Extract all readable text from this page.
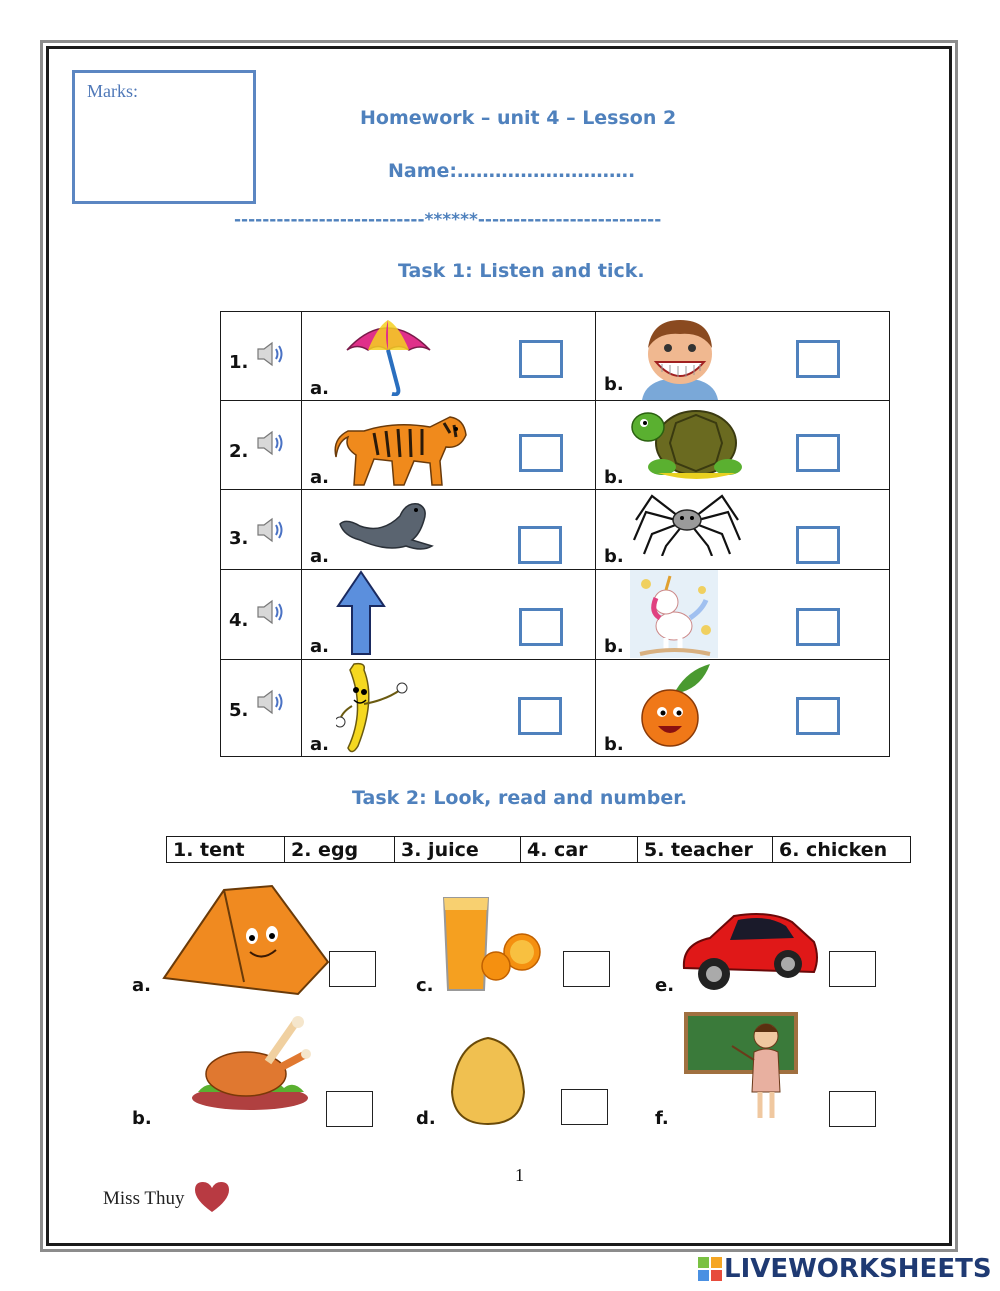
Marks:
Homework – unit 4 – Lesson 2
Name:……………………….
---------------------------******--------------------------
Task 1: Listen and tick.
1.	a.	b.

2.	a.	b.

3.	a.	b.

4.	a.	b.

5.	a.	b.
Task 2: Look, read and number.
1. tent	2. egg	3. juice	4. car	5. teacher	6. chicken
a.
b.
c.
d.
e.
f.
1
Miss Thuy
LIVEWORKSHEETS
